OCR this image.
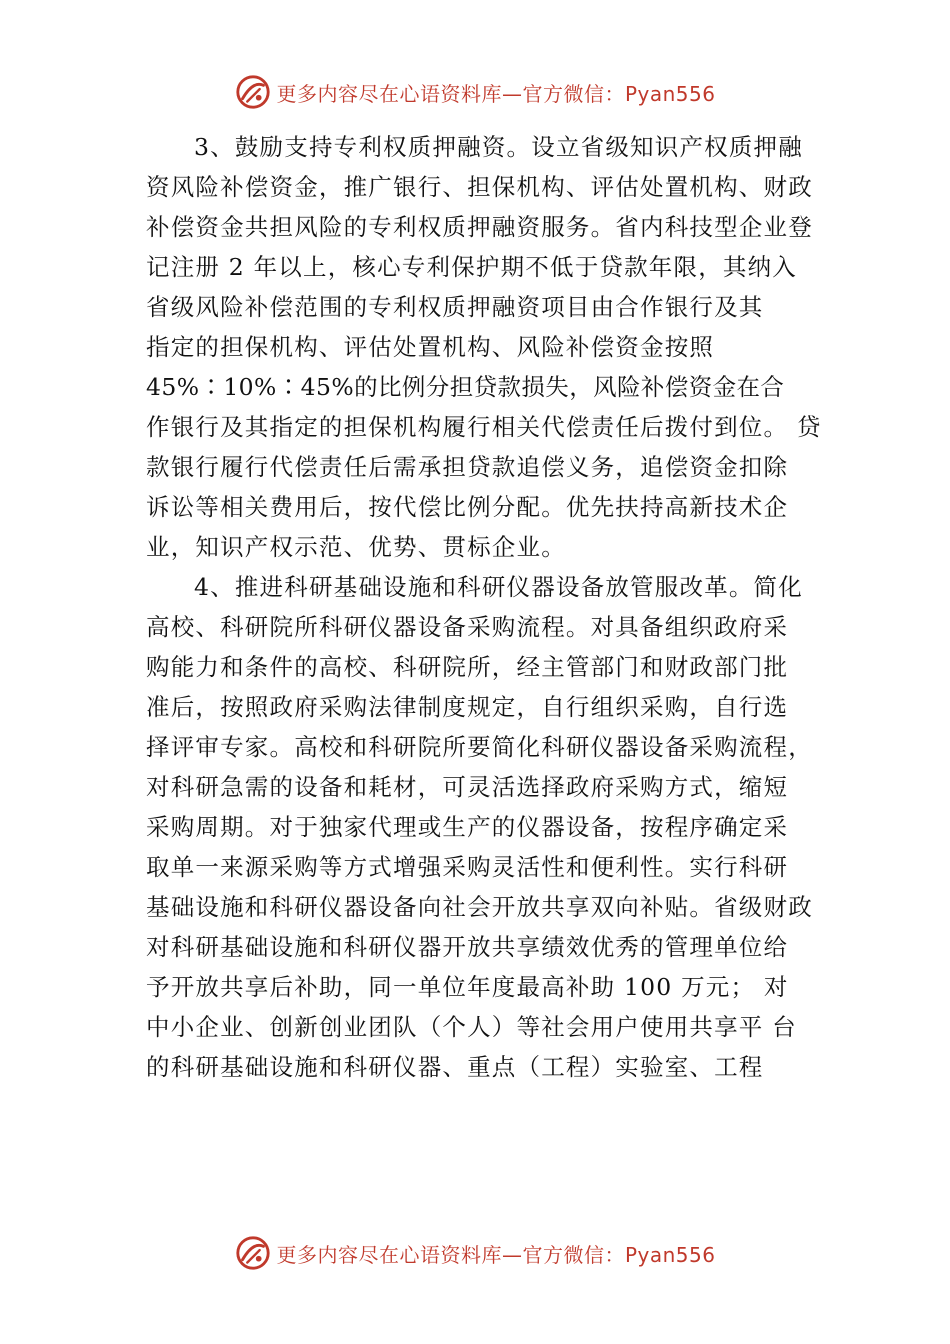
更多内容尽在心语资料库—官方微信：Pyan556
3、鼓励支持专利权质押融资。设立省级知识产权质押融
资风险补偿资金，推广银行、担保机构、评估处置机构、财政
补偿资金共担风险的专利权质押融资服务。省内科技型企业登
记注册 2 年以上，核心专利保护期不低于贷款年限，其纳入
省级风险补偿范围的专利权质押融资项目由合作银行及其
指定的担保机构、评估处置机构、风险补偿资金按照
45%∶10%∶45%的比例分担贷款损失，风险补偿资金在合
作银行及其指定的担保机构履行相关代偿责任后拨付到位。 贷
款银行履行代偿责任后需承担贷款追偿义务，追偿资金扣除
诉讼等相关费用后，按代偿比例分配。优先扶持高新技术企
业，知识产权示范、优势、贯标企业。
4、推进科研基础设施和科研仪器设备放管服改革。简化
高校、科研院所科研仪器设备采购流程。对具备组织政府采
购能力和条件的高校、科研院所，经主管部门和财政部门批
准后，按照政府采购法律制度规定，自行组织采购，自行选
择评审专家。高校和科研院所要简化科研仪器设备采购流程，
对科研急需的设备和耗材，可灵活选择政府采购方式，缩短
采购周期。对于独家代理或生产的仪器设备，按程序确定采
取单一来源采购等方式增强采购灵活性和便利性。实行科研
基础设施和科研仪器设备向社会开放共享双向补贴。省级财政
对科研基础设施和科研仪器开放共享绩效优秀的管理单位给
予开放共享后补助，同一单位年度最高补助 100 万元； 对
中小企业、创新创业团队（个人）等社会用户使用共享平 台
的科研基础设施和科研仪器、重点（工程）实验室、工程
更多内容尽在心语资料库—官方微信：Pyan556
